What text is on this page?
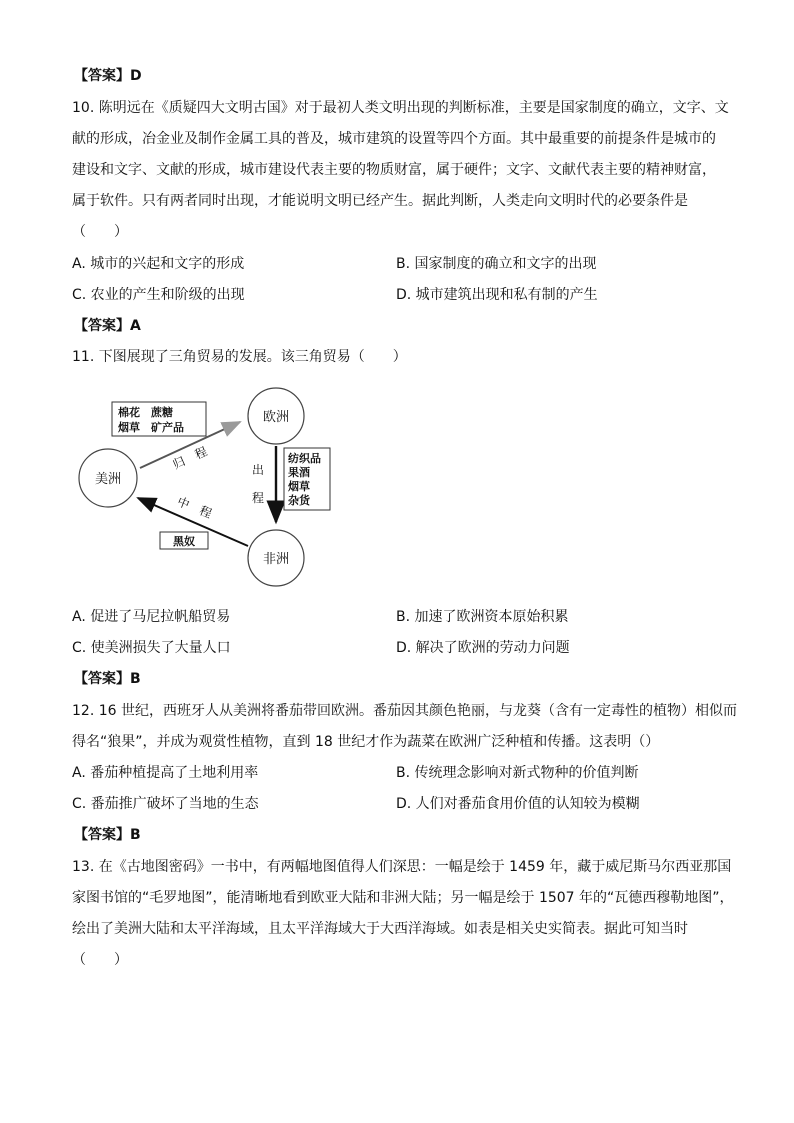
【答案】D
10. 陈明远在《质疑四大文明古国》对于最初人类文明出现的判断标准，主要是国家制度的确立，文字、文
献的形成，冶金业及制作金属工具的普及，城市建筑的设置等四个方面。其中最重要的前提条件是城市的
建设和文字、文献的形成，城市建设代表主要的物质财富，属于硬件；文字、文献代表主要的精神财富，
属于软件。只有两者同时出现，才能说明文明已经产生。据此判断，人类走向文明时代的必要条件是
（　　）
A. 城市的兴起和文字的形成	B. 国家制度的确立和文字的出现
C. 农业的产生和阶级的出现	D. 城市建筑出现和私有制的产生
【答案】A
11. 下图展现了三角贸易的发展。该三角贸易（　　）
欧洲
美洲
非洲
棉花　蔗糖
烟草　矿产品
归　程	出
程
纺织品
果酒
烟草
杂货
中　程
黑奴
A. 促进了马尼拉帆船贸易	B. 加速了欧洲资本原始积累
C. 使美洲损失了大量人口	D. 解决了欧洲的劳动力问题
【答案】B
12. 16 世纪，西班牙人从美洲将番茄带回欧洲。番茄因其颜色艳丽，与龙葵（含有一定毒性的植物）相似而
得名“狼果”，并成为观赏性植物，直到 18 世纪才作为蔬菜在欧洲广泛种植和传播。这表明（）
A. 番茄种植提高了土地利用率	B. 传统理念影响对新式物种的价值判断
C. 番茄推广破坏了当地的生态	D. 人们对番茄食用价值的认知较为模糊
【答案】B
13. 在《古地图密码》一书中，有两幅地图值得人们深思：一幅是绘于 1459 年，藏于威尼斯马尔西亚那国
家图书馆的“毛罗地图”，能清晰地看到欧亚大陆和非洲大陆；另一幅是绘于 1507 年的“瓦德西穆勒地图”，
绘出了美洲大陆和太平洋海域，且太平洋海域大于大西洋海域。如表是相关史实简表。据此可知当时
（　　）
